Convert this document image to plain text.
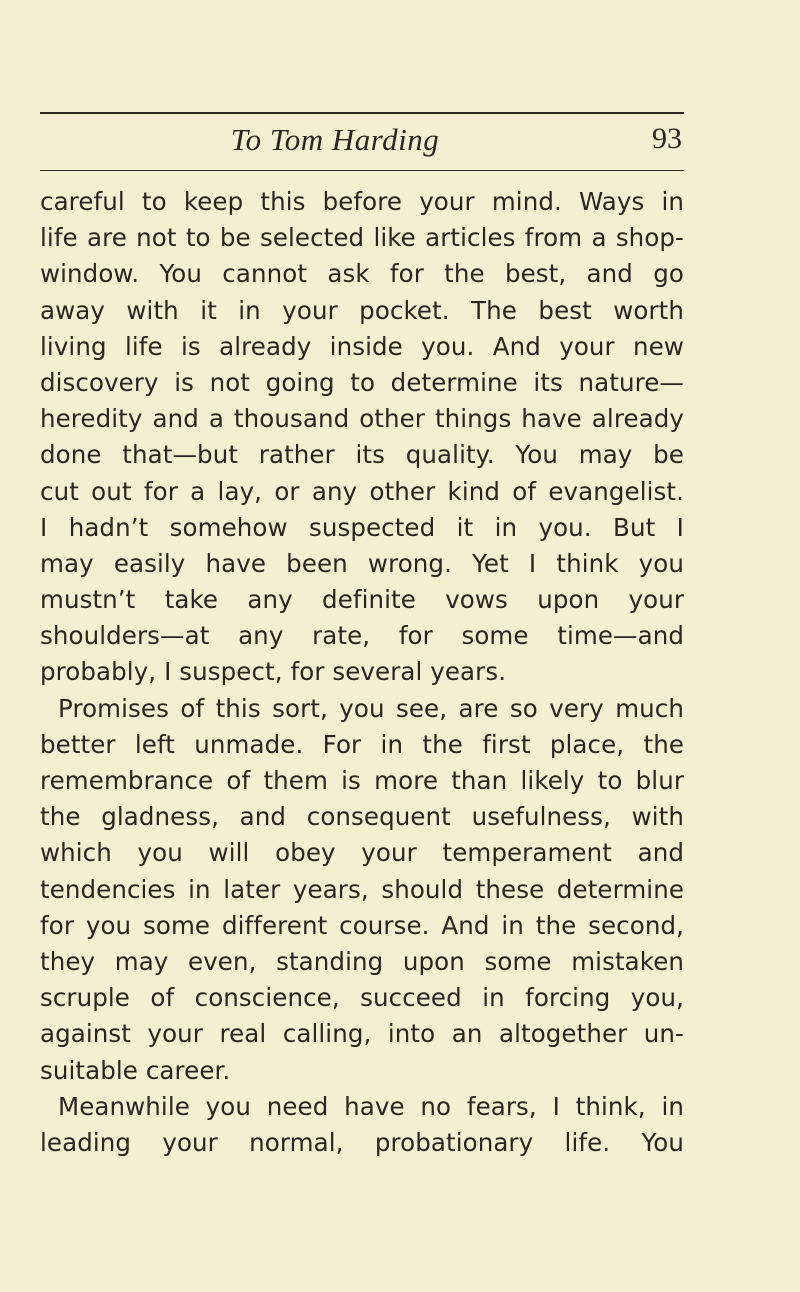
To Tom Harding	93
careful to keep this before your mind. Ways in
life are not to be selected like articles from a shop-
window. You cannot ask for the best, and go
away with it in your pocket. The best worth
living life is already inside you. And your new
discovery is not going to determine its nature—
heredity and a thousand other things have already
done that—but rather its quality. You may be
cut out for a lay, or any other kind of evangelist.
I hadn’t somehow suspected it in you. But I
may easily have been wrong. Yet I think you
mustn’t take any definite vows upon your
shoulders—at any rate, for some time—and
probably, I suspect, for several years.
Promises of this sort, you see, are so very much
better left unmade. For in the first place, the
remembrance of them is more than likely to blur
the gladness, and consequent usefulness, with
which you will obey your temperament and
tendencies in later years, should these determine
for you some different course. And in the second,
they may even, standing upon some mistaken
scruple of conscience, succeed in forcing you,
against your real calling, into an altogether un-
suitable career.
Meanwhile you need have no fears, I think, in
leading your normal, probationary life. You
